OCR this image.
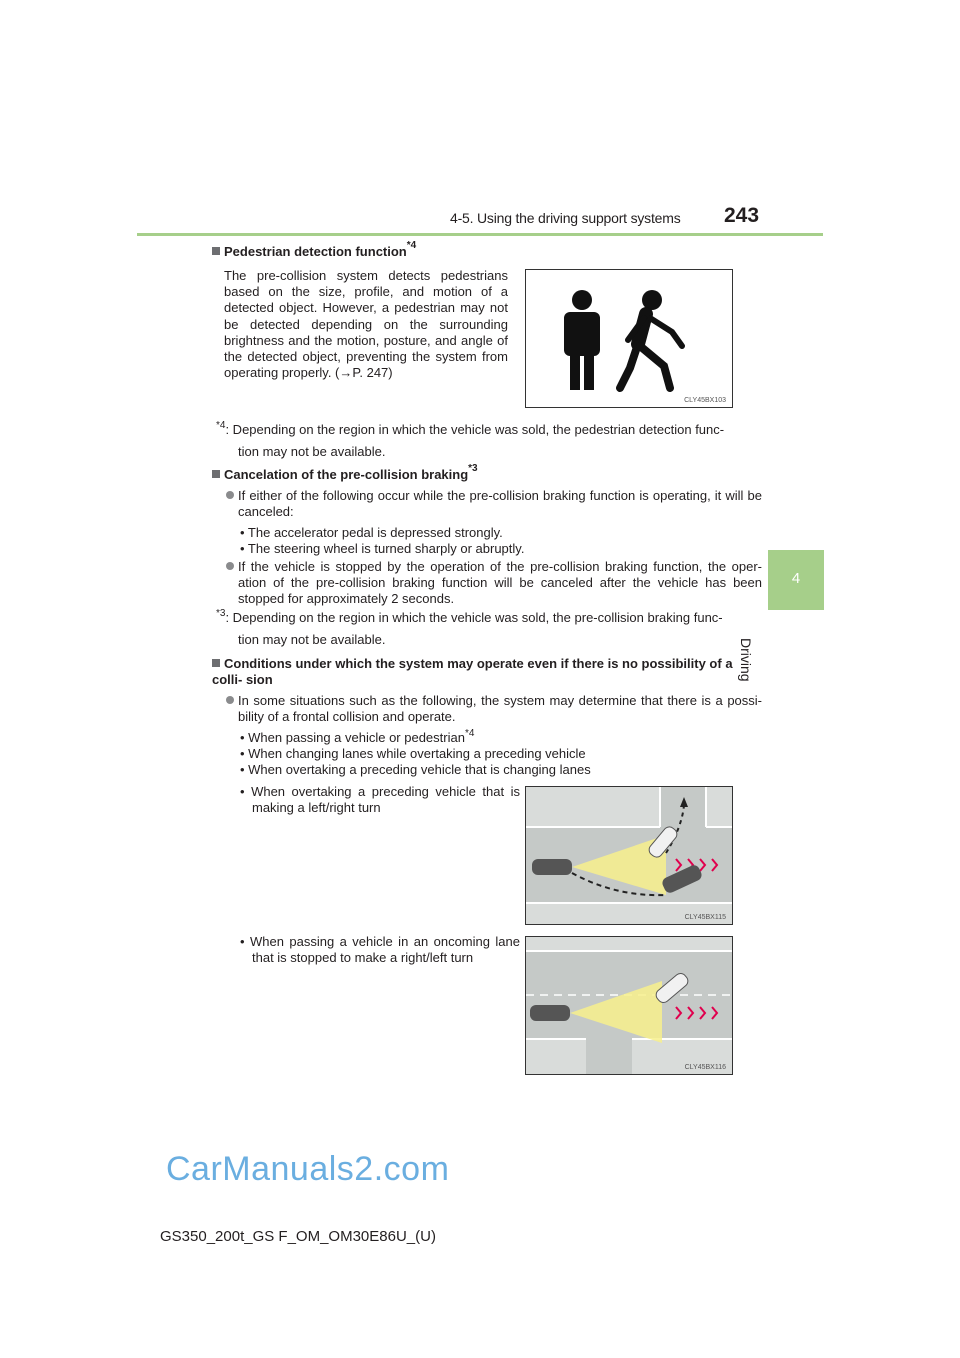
4-5. Using the driving support systems 243
4
Driving
Pedestrian detection function$^{*4}$
The pre-collision system detects pedestrians based on the size, profile, and motion of a detected object. However, a pedestrian may not be detected depending on the surrounding brightness and the motion, posture, and angle of the detected object, preventing the system from operating properly. (→P. 247)
CLY45BX103
$^{*4}$: Depending on the region in which the vehicle was sold, the pedestrian detection func-
tion may not be available.
Cancelation of the pre-collision braking$^{*3}$
If either of the following occur while the pre-collision braking function is operating, it will be canceled:
• The accelerator pedal is depressed strongly.
• The steering wheel is turned sharply or abruptly.
If the vehicle is stopped by the operation of the pre-collision braking function, the oper- ation of the pre-collision braking function will be canceled after the vehicle has been stopped for approximately 2 seconds.
$^{*3}$: Depending on the region in which the vehicle was sold, the pre-collision braking func-
tion may not be available.
Conditions under which the system may operate even if there is no possibility of a colli- sion
In some situations such as the following, the system may determine that there is a possi- bility of a frontal collision and operate.
• When passing a vehicle or pedestrian$^{*4}$
• When changing lanes while overtaking a preceding vehicle
• When overtaking a preceding vehicle that is changing lanes
• When overtaking a preceding vehicle that is making a left/right turn
• When passing a vehicle in an oncoming lane that is stopped to make a right/left turn
CLY45BX115
CLY45BX116
CarManuals2.com
GS350_200t_GS F_OM_OM30E86U_(U)
